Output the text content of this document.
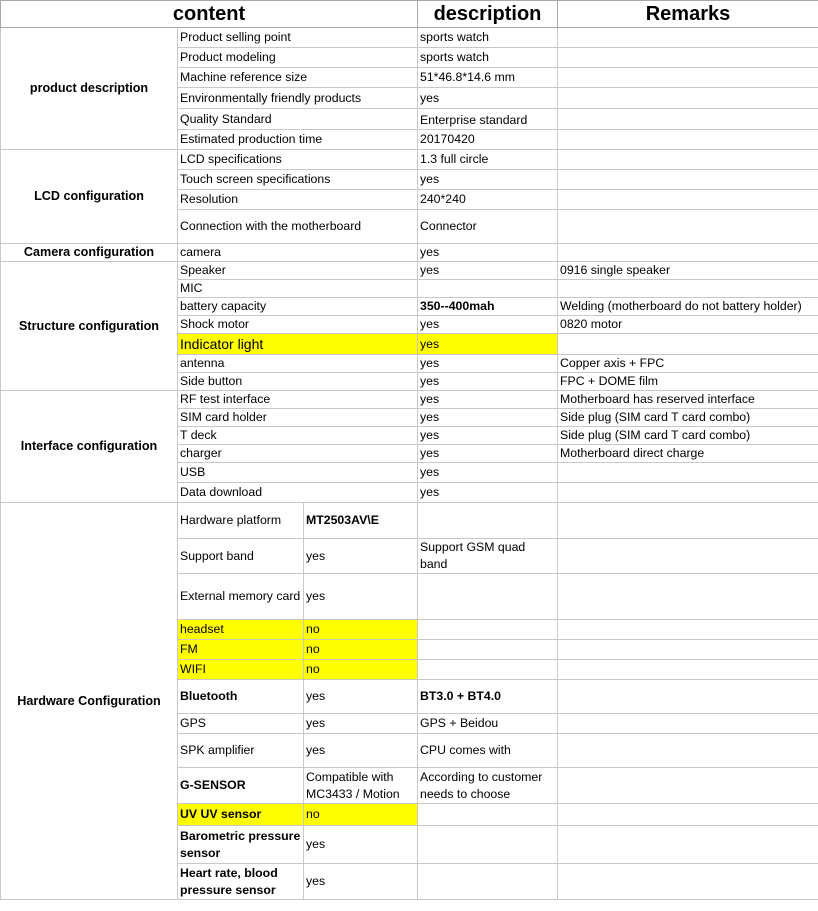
content			description	Remarks
product description	Product selling point		sports watch	
	Product modeling		sports watch	
	Machine reference size		51*46.8*14.6 mm	
	Environmentally friendly products		yes	
	Quality Standard		Enterprise standard	
	Estimated production time		20170420	
LCD configuration	LCD specifications		1.3 full circle	
	Touch screen specifications		yes	
	Resolution		240*240	
	Connection with the motherboard		Connector	
Camera configuration	camera		yes	
Structure configuration	Speaker		yes	0916 single speaker
	MIC			
	battery capacity		350--400mah	Welding (motherboard do not battery holder)
	Shock motor		yes	0820 motor
	Indicator light		yes	
	antenna		yes	Copper axis + FPC
	Side button		yes	FPC + DOME film
Interface configuration	RF test interface		yes	Motherboard has reserved interface
	SIM card holder		yes	Side plug (SIM card T card combo)
	T deck		yes	Side plug (SIM card T card combo)
	charger		yes	Motherboard direct charge
	USB		yes	
	Data download		yes	
Hardware Configuration	Hardware platform	MT2503AV\E		
	Support band	yes	Support GSM quad band	
	External memory card	yes		
	headset	no		
	FM	no		
	WIFI	no		
	Bluetooth	yes	BT3.0 + BT4.0	
	GPS	yes	GPS + Beidou	
	SPK amplifier	yes	CPU comes with	
	G-SENSOR	Compatible with MC3433 / Motion	According to customer needs to choose	
	UV UV sensor	no		
	Barometric pressure sensor	yes		
	Heart rate, blood pressure sensor	yes		
